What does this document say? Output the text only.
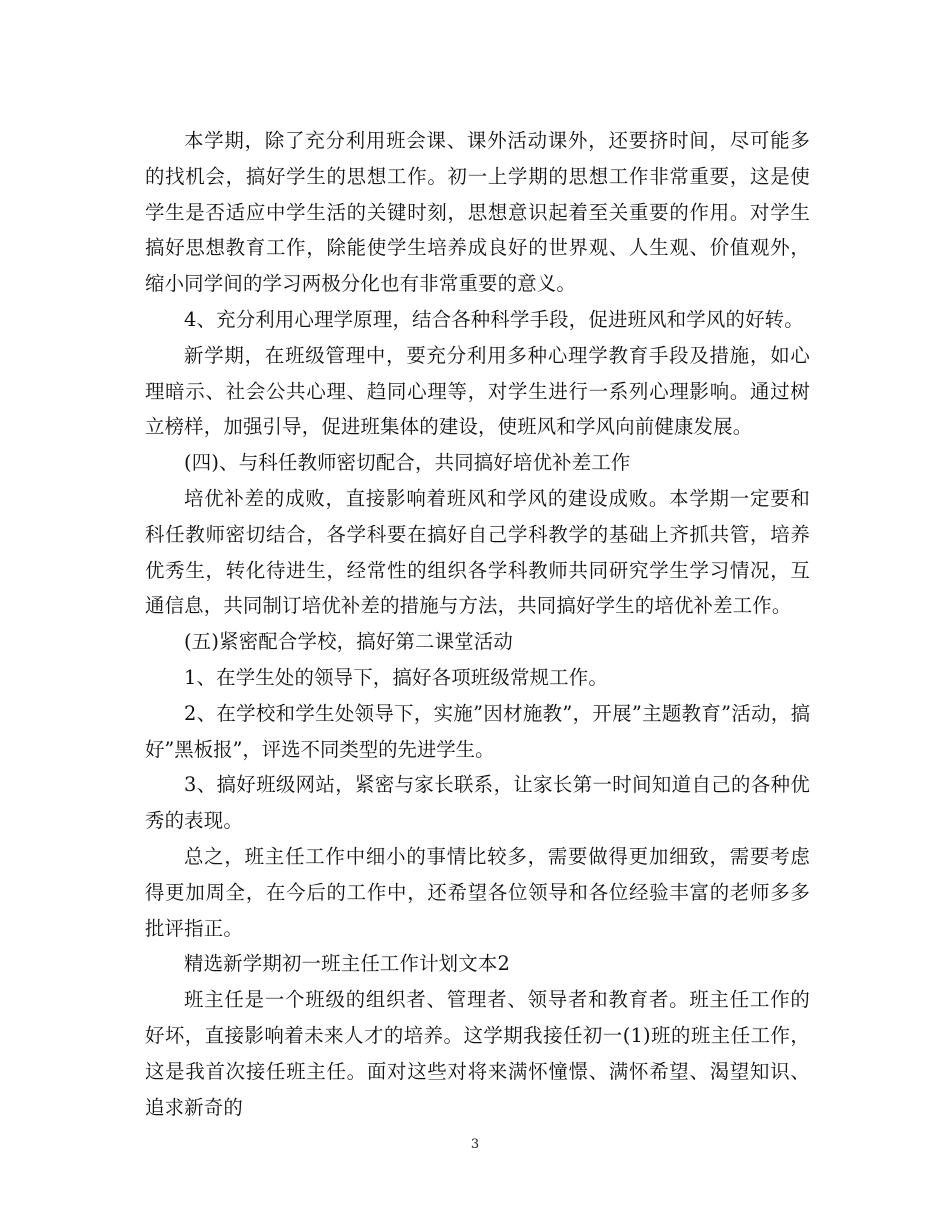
本学期，除了充分利用班会课、课外活动课外，还要挤时间，尽可能多的找机会，搞好学生的思想工作。初一上学期的思想工作非常重要，这是使学生是否适应中学生活的关键时刻，思想意识起着至关重要的作用。对学生搞好思想教育工作，除能使学生培养成良好的世界观、人生观、价值观外，缩小同学间的学习两极分化也有非常重要的意义。

4、充分利用心理学原理，结合各种科学手段，促进班风和学风的好转。

新学期，在班级管理中，要充分利用多种心理学教育手段及措施，如心理暗示、社会公共心理、趋同心理等，对学生进行一系列心理影响。通过树立榜样，加强引导，促进班集体的建设，使班风和学风向前健康发展。

(四)、与科任教师密切配合，共同搞好培优补差工作

培优补差的成败，直接影响着班风和学风的建设成败。本学期一定要和科任教师密切结合，各学科要在搞好自己学科教学的基础上齐抓共管，培养优秀生，转化待进生，经常性的组织各学科教师共同研究学生学习情况，互通信息，共同制订培优补差的措施与方法，共同搞好学生的培优补差工作。

(五)紧密配合学校，搞好第二课堂活动

1、在学生处的领导下，搞好各项班级常规工作。

2、在学校和学生处领导下，实施”因材施教”，开展”主题教育”活动，搞好”黑板报”，评选不同类型的先进学生。

3、搞好班级网站，紧密与家长联系，让家长第一时间知道自己的各种优秀的表现。

总之，班主任工作中细小的事情比较多，需要做得更加细致，需要考虑得更加周全，在今后的工作中，还希望各位领导和各位经验丰富的老师多多批评指正。

精选新学期初一班主任工作计划文本2

班主任是一个班级的组织者、管理者、领导者和教育者。班主任工作的好坏，直接影响着未来人才的培养。这学期我接任初一(1)班的班主任工作，这是我首次接任班主任。面对这些对将来满怀憧憬、满怀希望、渴望知识、追求新奇的

3
